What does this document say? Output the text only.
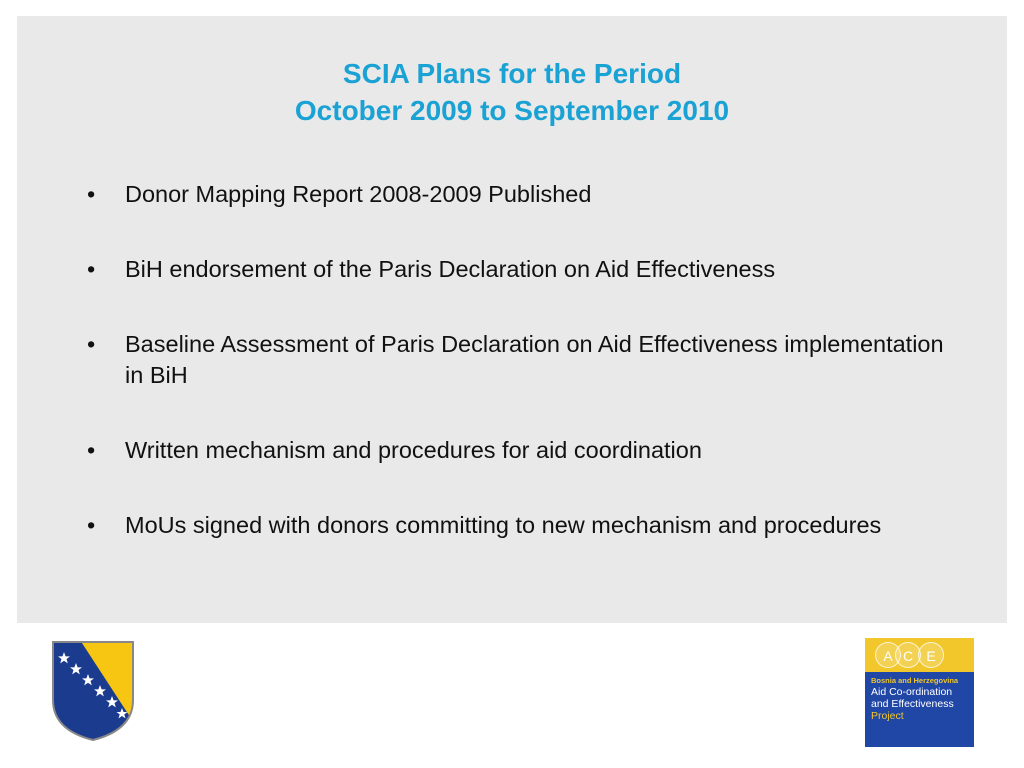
SCIA Plans for the Period
October 2009 to September 2010
• Donor Mapping Report 2008-2009 Published
• BiH endorsement of the Paris Declaration on Aid Effectiveness
• Baseline Assessment of Paris Declaration on Aid Effectiveness implementation in BiH
• Written mechanism and procedures for aid coordination
• MoUs signed with donors committing to new mechanism and procedures
A C E
Bosnia and Herzegovina
Aid Co-ordination
and Effectiveness
Project
